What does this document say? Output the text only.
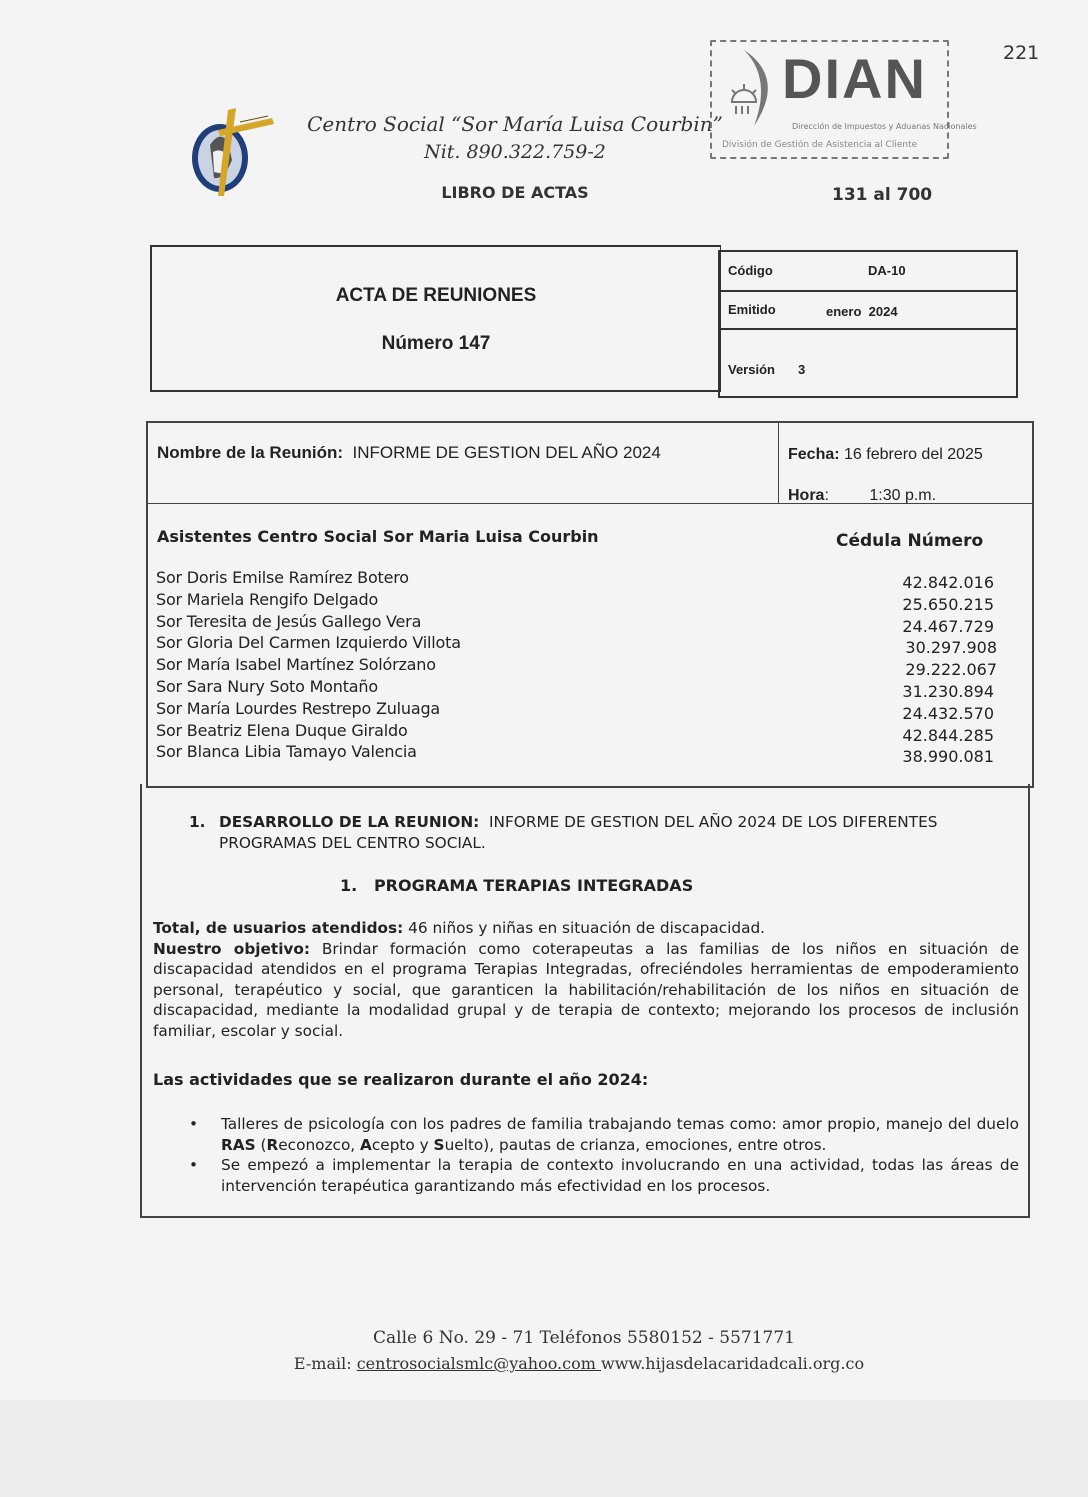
221
Centro Social “Sor María Luisa Courbin”
Nit. 890.322.759-2
LIBRO DE ACTAS	131 al 700
DIAN
Dirección de Impuestos y Aduanas Nacionales
División de Gestión de Asistencia al Cliente
ACTA DE REUNIONES
Número 147
Código	DA-10
Emitido	enero  2024
Versión 3
Nombre de la Reunión: INFORME DE GESTION DEL AÑO 2024	Fecha: 16 febrero del 2025
Hora:	1:30 p.m.
Asistentes Centro Social Sor Maria Luisa Courbin	Cédula Número
Sor Doris Emilse Ramírez Botero	42.842.016
Sor Mariela Rengifo Delgado	25.650.215
Sor Teresita de Jesús Gallego Vera	24.467.729
Sor Gloria Del Carmen Izquierdo Villota	30.297.908
Sor María Isabel Martínez Solórzano	29.222.067
Sor Sara Nury Soto Montaño	31.230.894
Sor María Lourdes Restrepo Zuluaga	24.432.570
Sor Beatriz Elena Duque Giraldo	42.844.285
Sor Blanca Libia Tamayo Valencia	38.990.081
1. DESARROLLO DE LA REUNION: INFORME DE GESTION DEL AÑO 2024 DE LOS DIFERENTES PROGRAMAS DEL CENTRO SOCIAL.
1. PROGRAMA TERAPIAS INTEGRADAS
Total, de usuarios atendidos: 46 niños y niñas en situación de discapacidad.
Nuestro objetivo: Brindar formación como coterapeutas a las familias de los niños en situación de discapacidad atendidos en el programa Terapias Integradas, ofreciéndoles herramientas de empoderamiento personal, terapéutico y social, que garanticen la habilitación/rehabilitación de los niños en situación de discapacidad, mediante la modalidad grupal y de terapia de contexto; mejorando los procesos de inclusión familiar, escolar y social.
Las actividades que se realizaron durante el año 2024:
• Talleres de psicología con los padres de familia trabajando temas como: amor propio, manejo del duelo RAS (Reconozco, Acepto y Suelto), pautas de crianza, emociones, entre otros.
• Se empezó a implementar la terapia de contexto involucrando en una actividad, todas las áreas de intervención terapéutica garantizando más efectividad en los procesos.
Calle 6 No. 29 - 71 Teléfonos 5580152 - 5571771
E-mail: centrosocialsmlc@yahoo.com www.hijasdelacaridadcali.org.co
